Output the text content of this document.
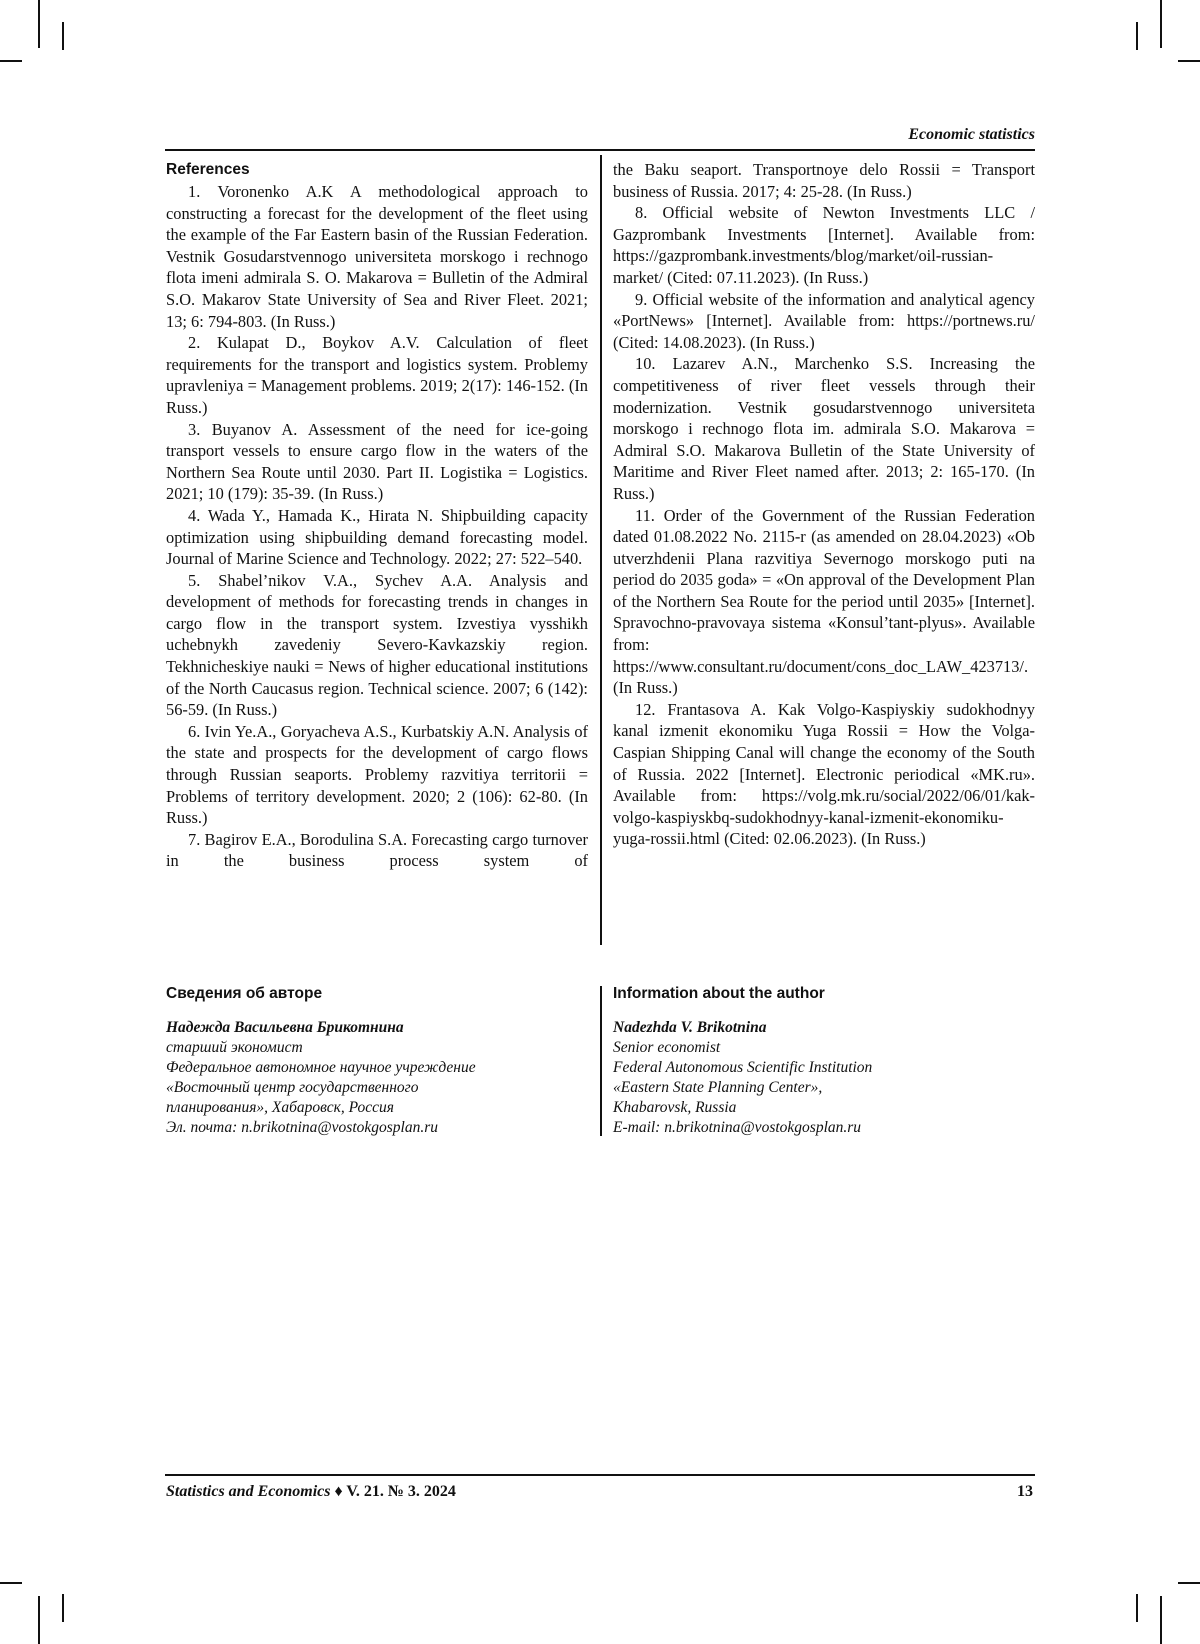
Economic statistics
References

1. Voronenko A.K A methodological approach to constructing a forecast for the development of the fleet using the example of the Far Eastern basin of the Russian Federation. Vestnik Gosudarstvennogo universiteta morskogo i rechnogo flota imeni admirala S. O. Makarova = Bulletin of the Admiral S.O. Makarov State University of Sea and River Fleet. 2021; 13; 6: 794-803. (In Russ.)

2. Kulapat D., Boykov A.V. Calculation of fleet requirements for the transport and logistics system. Problemy upravleniya = Management problems. 2019; 2(17): 146-152. (In Russ.)

3. Buyanov A. Assessment of the need for ice-going transport vessels to ensure cargo flow in the waters of the Northern Sea Route until 2030. Part II. Logistika = Logistics. 2021; 10 (179): 35-39. (In Russ.)

4. Wada Y., Hamada K., Hirata N. Shipbuilding capacity optimization using shipbuilding demand forecasting model. Journal of Marine Science and Technology. 2022; 27: 522–540.

5. Shabel’nikov V.A., Sychev A.A. Analysis and development of methods for forecasting trends in changes in cargo flow in the transport system. Izvestiya vysshikh uchebnykh zavedeniy Severo-Kavkazskiy region. Tekhnicheskiye nauki = News of higher educational institutions of the North Caucasus region. Technical science. 2007; 6 (142): 56-59. (In Russ.)

6. Ivin Ye.A., Goryacheva A.S., Kurbatskiy A.N. Analysis of the state and prospects for the development of cargo flows through Russian seaports. Problemy razvitiya territorii = Problems of territory development. 2020; 2 (106): 62-80. (In Russ.)

7. Bagirov E.A., Borodulina S.A. Forecasting cargo turnover in the business process system of

the Baku seaport. Transportnoye delo Rossii = Transport business of Russia. 2017; 4: 25-28. (In Russ.)

8. Official website of Newton Investments LLC / Gazprombank Investments [Internet]. Available from: https://gazprombank.investments/blog/market/oil-russian-market/ (Cited: 07.11.2023). (In Russ.)

9. Official website of the information and analytical agency «PortNews» [Internet]. Available from: https://portnews.ru/ (Cited: 14.08.2023). (In Russ.)

10. Lazarev A.N., Marchenko S.S. Increasing the competitiveness of river fleet vessels through their modernization. Vestnik gosudarstvennogo universiteta morskogo i rechnogo flota im. admirala S.O. Makarova = Admiral S.O. Makarova Bulletin of the State University of Maritime and River Fleet named after. 2013; 2: 165-170. (In Russ.)

11. Order of the Government of the Russian Federation dated 01.08.2022 No. 2115-r (as amended on 28.04.2023) «Ob utverzhdenii Plana razvitiya Severnogo morskogo puti na period do 2035 goda» = «On approval of the Development Plan of the Northern Sea Route for the period until 2035» [Internet]. Spravochno-pravovaya sistema «Konsul’tant-plyus». Available from: https://www.consultant.ru/document/cons_doc_LAW_423713/. (In Russ.)

12. Frantasova A. Kak Volgo-Kaspiyskiy sudokhodnyy kanal izmenit ekonomiku Yuga Rossii = How the Volga-Caspian Shipping Canal will change the economy of the South of Russia. 2022 [Internet]. Electronic periodical «MK.ru». Available from: https://volg.mk.ru/social/2022/06/01/kak-volgo-kaspiyskbq-sudokhodnyy-kanal-izmenit-ekonomiku-yuga-rossii.html (Cited: 02.06.2023). (In Russ.)

Сведения об авторе
Надежда Васильевна Брикотнина
старший экономист
Федеральное автономное научное учреждение
«Восточный центр государственного
планирования», Хабаровск, Россия
Эл. почта: n.brikotnina@vostokgosplan.ru
Information about the author
Nadezhda V. Brikotnina
Senior economist
Federal Autonomous Scientific Institution
«Eastern State Planning Center»,
Khabarovsk, Russia
E-mail: n.brikotnina@vostokgosplan.ru
Statistics and Economics ♦ V. 21. № 3. 2024	13
